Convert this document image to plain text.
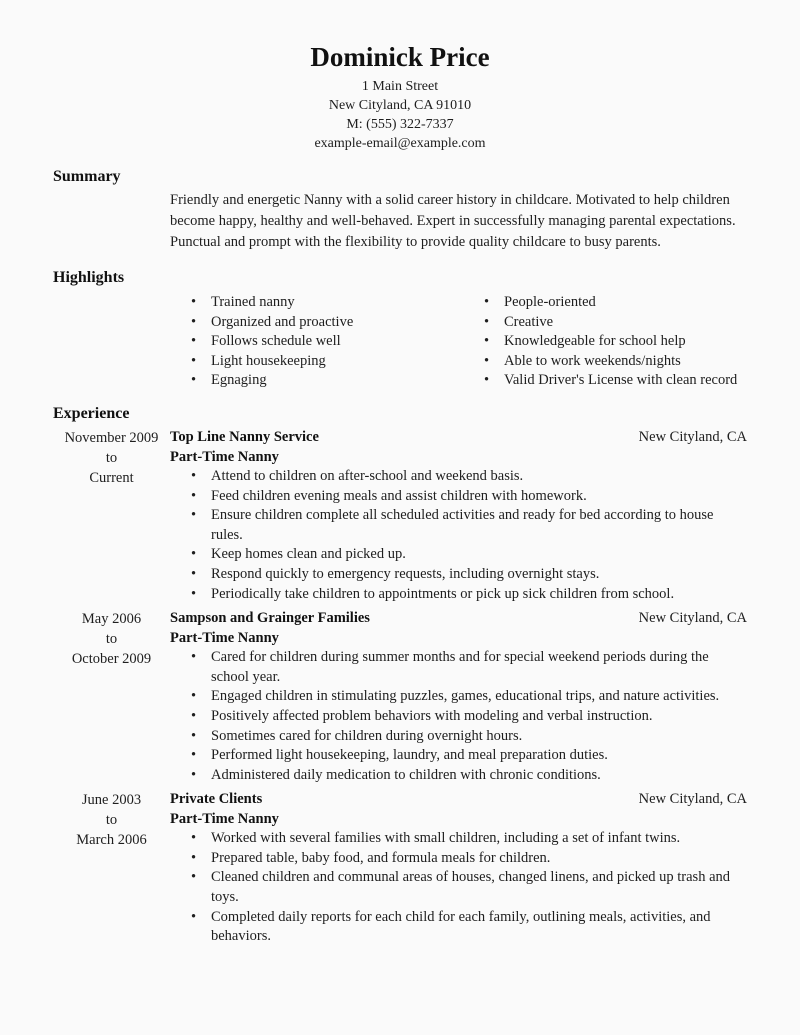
Dominick Price
1 Main Street
New Cityland, CA 91010
M: (555) 322-7337
example-email@example.com
Summary

Friendly and energetic Nanny with a solid career history in childcare. Motivated to help children become happy, healthy and well-behaved. Expert in successfully managing parental expectations. Punctual and prompt with the flexibility to provide quality childcare to busy parents.

Highlights
• Trained nanny
• Organized and proactive
• Follows schedule well
• Light housekeeping
• Egnaging
• People-oriented
• Creative
• Knowledgeable for school help
• Able to work weekends/nights
• Valid Driver's License with clean record
Experience
November 2009
to
Current
Top Line Nanny Service	New Cityland, CA
Part-Time Nanny
• Attend to children on after-school and weekend basis.
• Feed children evening meals and assist children with homework.
• Ensure children complete all scheduled activities and ready for bed according to house rules.
• Keep homes clean and picked up.
• Respond quickly to emergency requests, including overnight stays.
• Periodically take children to appointments or pick up sick children from school.
May 2006
to
October 2009
Sampson and Grainger Families	New Cityland, CA
Part-Time Nanny
• Cared for children during summer months and for special weekend periods during the school year.
• Engaged children in stimulating puzzles, games, educational trips, and nature activities.
• Positively affected problem behaviors with modeling and verbal instruction.
• Sometimes cared for children during overnight hours.
• Performed light housekeeping, laundry, and meal preparation duties.
• Administered daily medication to children with chronic conditions.
June 2003
to
March 2006
Private Clients	New Cityland, CA
Part-Time Nanny
• Worked with several families with small children, including a set of infant twins.
• Prepared table, baby food, and formula meals for children.
• Cleaned children and communal areas of houses, changed linens, and picked up trash and toys.
• Completed daily reports for each child for each family, outlining meals, activities, and behaviors.
